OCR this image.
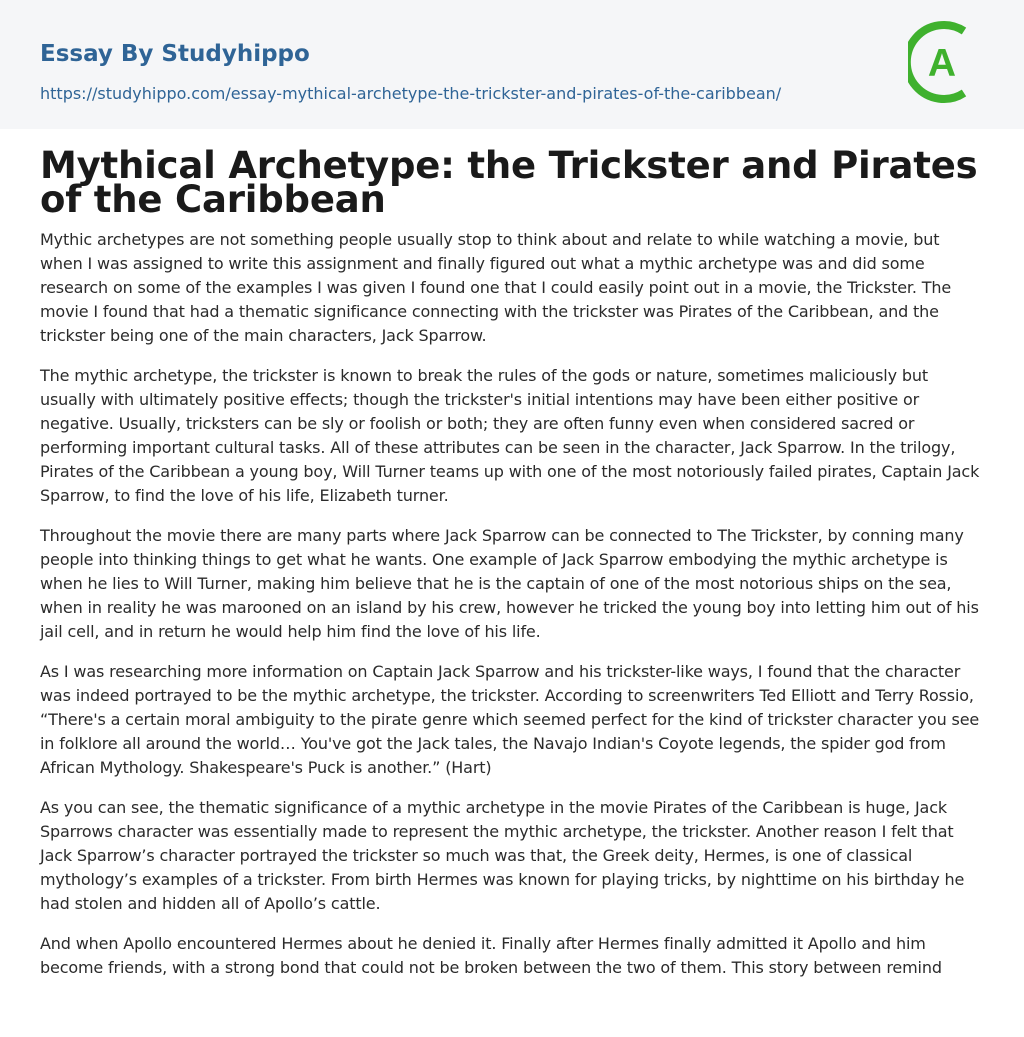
Essay By Studyhippo
https://studyhippo.com/essay-mythical-archetype-the-trickster-and-pirates-of-the-caribbean/
A
Mythical Archetype: the Trickster and Pirates of the Caribbean

Mythic archetypes are not something people usually stop to think about and relate to while watching a movie, but when I was assigned to write this assignment and finally figured out what a mythic archetype was and did some research on some of the examples I was given I found one that I could easily point out in a movie, the Trickster. The movie I found that had a thematic significance connecting with the trickster was Pirates of the Caribbean, and the trickster being one of the main characters, Jack Sparrow.

The mythic archetype, the trickster is known to break the rules of the gods or nature, sometimes maliciously but usually with ultimately positive effects; though the trickster's initial intentions may have been either positive or negative. Usually, tricksters can be sly or foolish or both; they are often funny even when considered sacred or performing important cultural tasks. All of these attributes can be seen in the character, Jack Sparrow. In the trilogy, Pirates of the Caribbean a young boy, Will Turner teams up with one of the most notoriously failed pirates, Captain Jack Sparrow, to find the love of his life, Elizabeth turner.

Throughout the movie there are many parts where Jack Sparrow can be connected to The Trickster, by conning many people into thinking things to get what he wants. One example of Jack Sparrow embodying the mythic archetype is when he lies to Will Turner, making him believe that he is the captain of one of the most notorious ships on the sea, when in reality he was marooned on an island by his crew, however he tricked the young boy into letting him out of his jail cell, and in return he would help him find the love of his life.

As I was researching more information on Captain Jack Sparrow and his trickster-like ways, I found that the character was indeed portrayed to be the mythic archetype, the trickster. According to screenwriters Ted Elliott and Terry Rossio, “There's a certain moral ambiguity to the pirate genre which seemed perfect for the kind of trickster character you see in folklore all around the world… You've got the Jack tales, the Navajo Indian's Coyote legends, the spider god from African Mythology. Shakespeare's Puck is another.” (Hart)

As you can see, the thematic significance of a mythic archetype in the movie Pirates of the Caribbean is huge, Jack Sparrows character was essentially made to represent the mythic archetype, the trickster. Another reason I felt that Jack Sparrow’s character portrayed the trickster so much was that, the Greek deity, Hermes, is one of classical mythology’s examples of a trickster. From birth Hermes was known for playing tricks, by nighttime on his birthday he had stolen and hidden all of Apollo’s cattle.

And when Apollo encountered Hermes about he denied it. Finally after Hermes finally admitted it Apollo and him become friends, with a strong bond that could not be broken between the two of them. This story between remind
